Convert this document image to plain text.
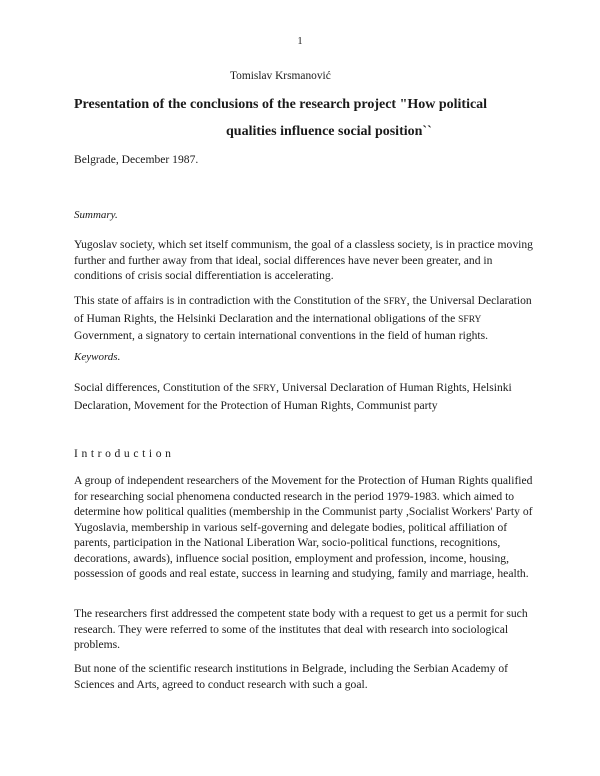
1
Tomislav Krsmanović
Presentation of the conclusions of the research project "How political
qualities influence social position``
Belgrade, December 1987.
Summary.

Yugoslav society, which set itself communism, the goal of a classless society, is in practice moving further and further away from that ideal, social differences have never been greater, and in conditions of crisis social differentiation is accelerating.

This state of affairs is in contradiction with the Constitution of the SFRY, the Universal Declaration of Human Rights, the Helsinki Declaration and the international obligations of the SFRY Government, a signatory to certain international conventions in the field of human rights.

Keywords.

Social differences, Constitution of the SFRY, Universal Declaration of Human Rights, Helsinki Declaration, Movement for the Protection of Human Rights, Communist party

Introduction

A group of independent researchers of the Movement for the Protection of Human Rights qualified for researching social phenomena conducted research in the period 1979-1983. which aimed to determine how political qualities (membership in the Communist party ,Socialist Workers' Party of Yugoslavia, membership in various self-governing and delegate bodies, political affiliation of parents, participation in the National Liberation War, socio-political functions, recognitions, decorations, awards), influence social position, employment and profession, income, housing, possession of goods and real estate, success in learning and studying, family and marriage, health.

The researchers first addressed the competent state body with a request to get us a permit for such research. They were referred to some of the institutes that deal with research into sociological problems.

But none of the scientific research institutions in Belgrade, including the Serbian Academy of Sciences and Arts, agreed to conduct research with such a goal.
